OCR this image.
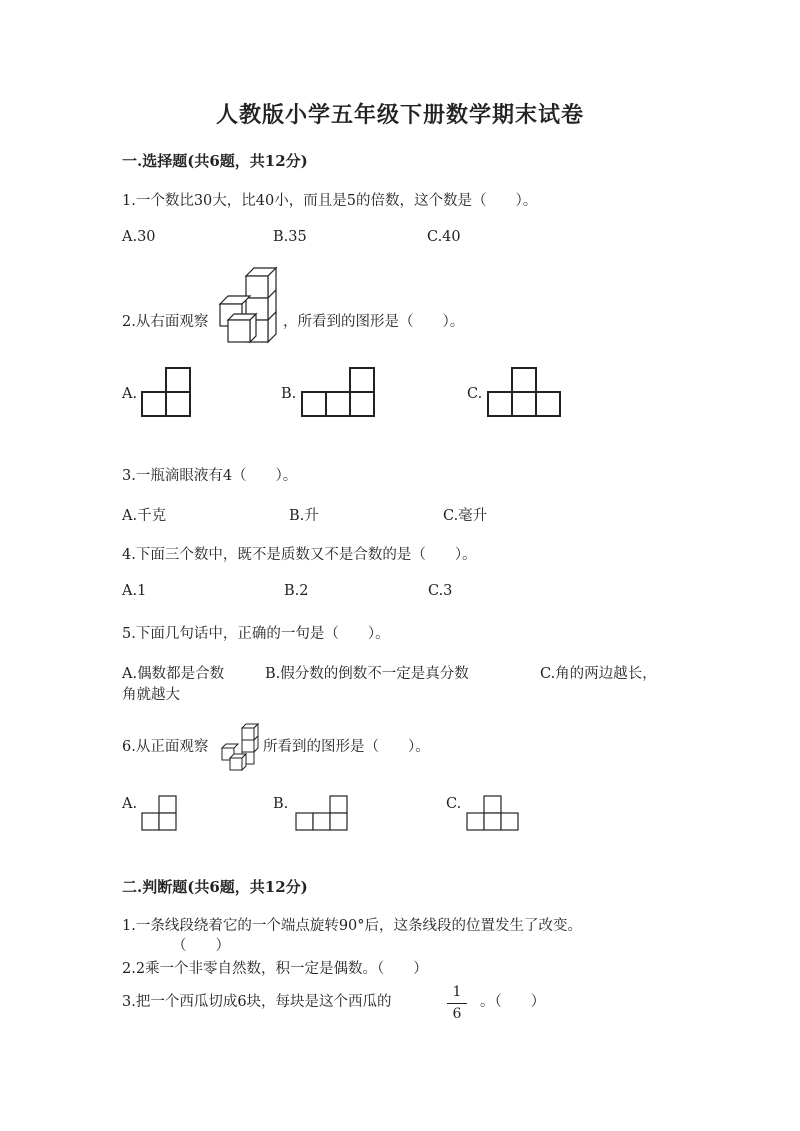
人教版小学五年级下册数学期末试卷
一.选择题(共6题，共12分)
1.一个数比30大，比40小，而且是5的倍数，这个数是（　　）。
A.30	B.35	C.40
2.从右面观察	，所看到的图形是（　　）。
A.	B.	C.
3.一瓶滴眼液有4（　　）。
A.千克	B.升	C.毫升
4.下面三个数中，既不是质数又不是合数的是（　　）。
A.1	B.2	C.3
5.下面几句话中，正确的一句是（　　）。
A.偶数都是合数	B.假分数的倒数不一定是真分数	C.角的两边越长，
角就越大
6.从正面观察	所看到的图形是（　　）。
A.	B.	C.
二.判断题(共6题，共12分)
1.一条线段绕着它的一个端点旋转90°后，这条线段的位置发生了改变。
（　　）
2.2乘一个非零自然数，积一定是偶数。（　　）
3.把一个西瓜切成6块，每块是这个西瓜的
1
6
。（　　）
